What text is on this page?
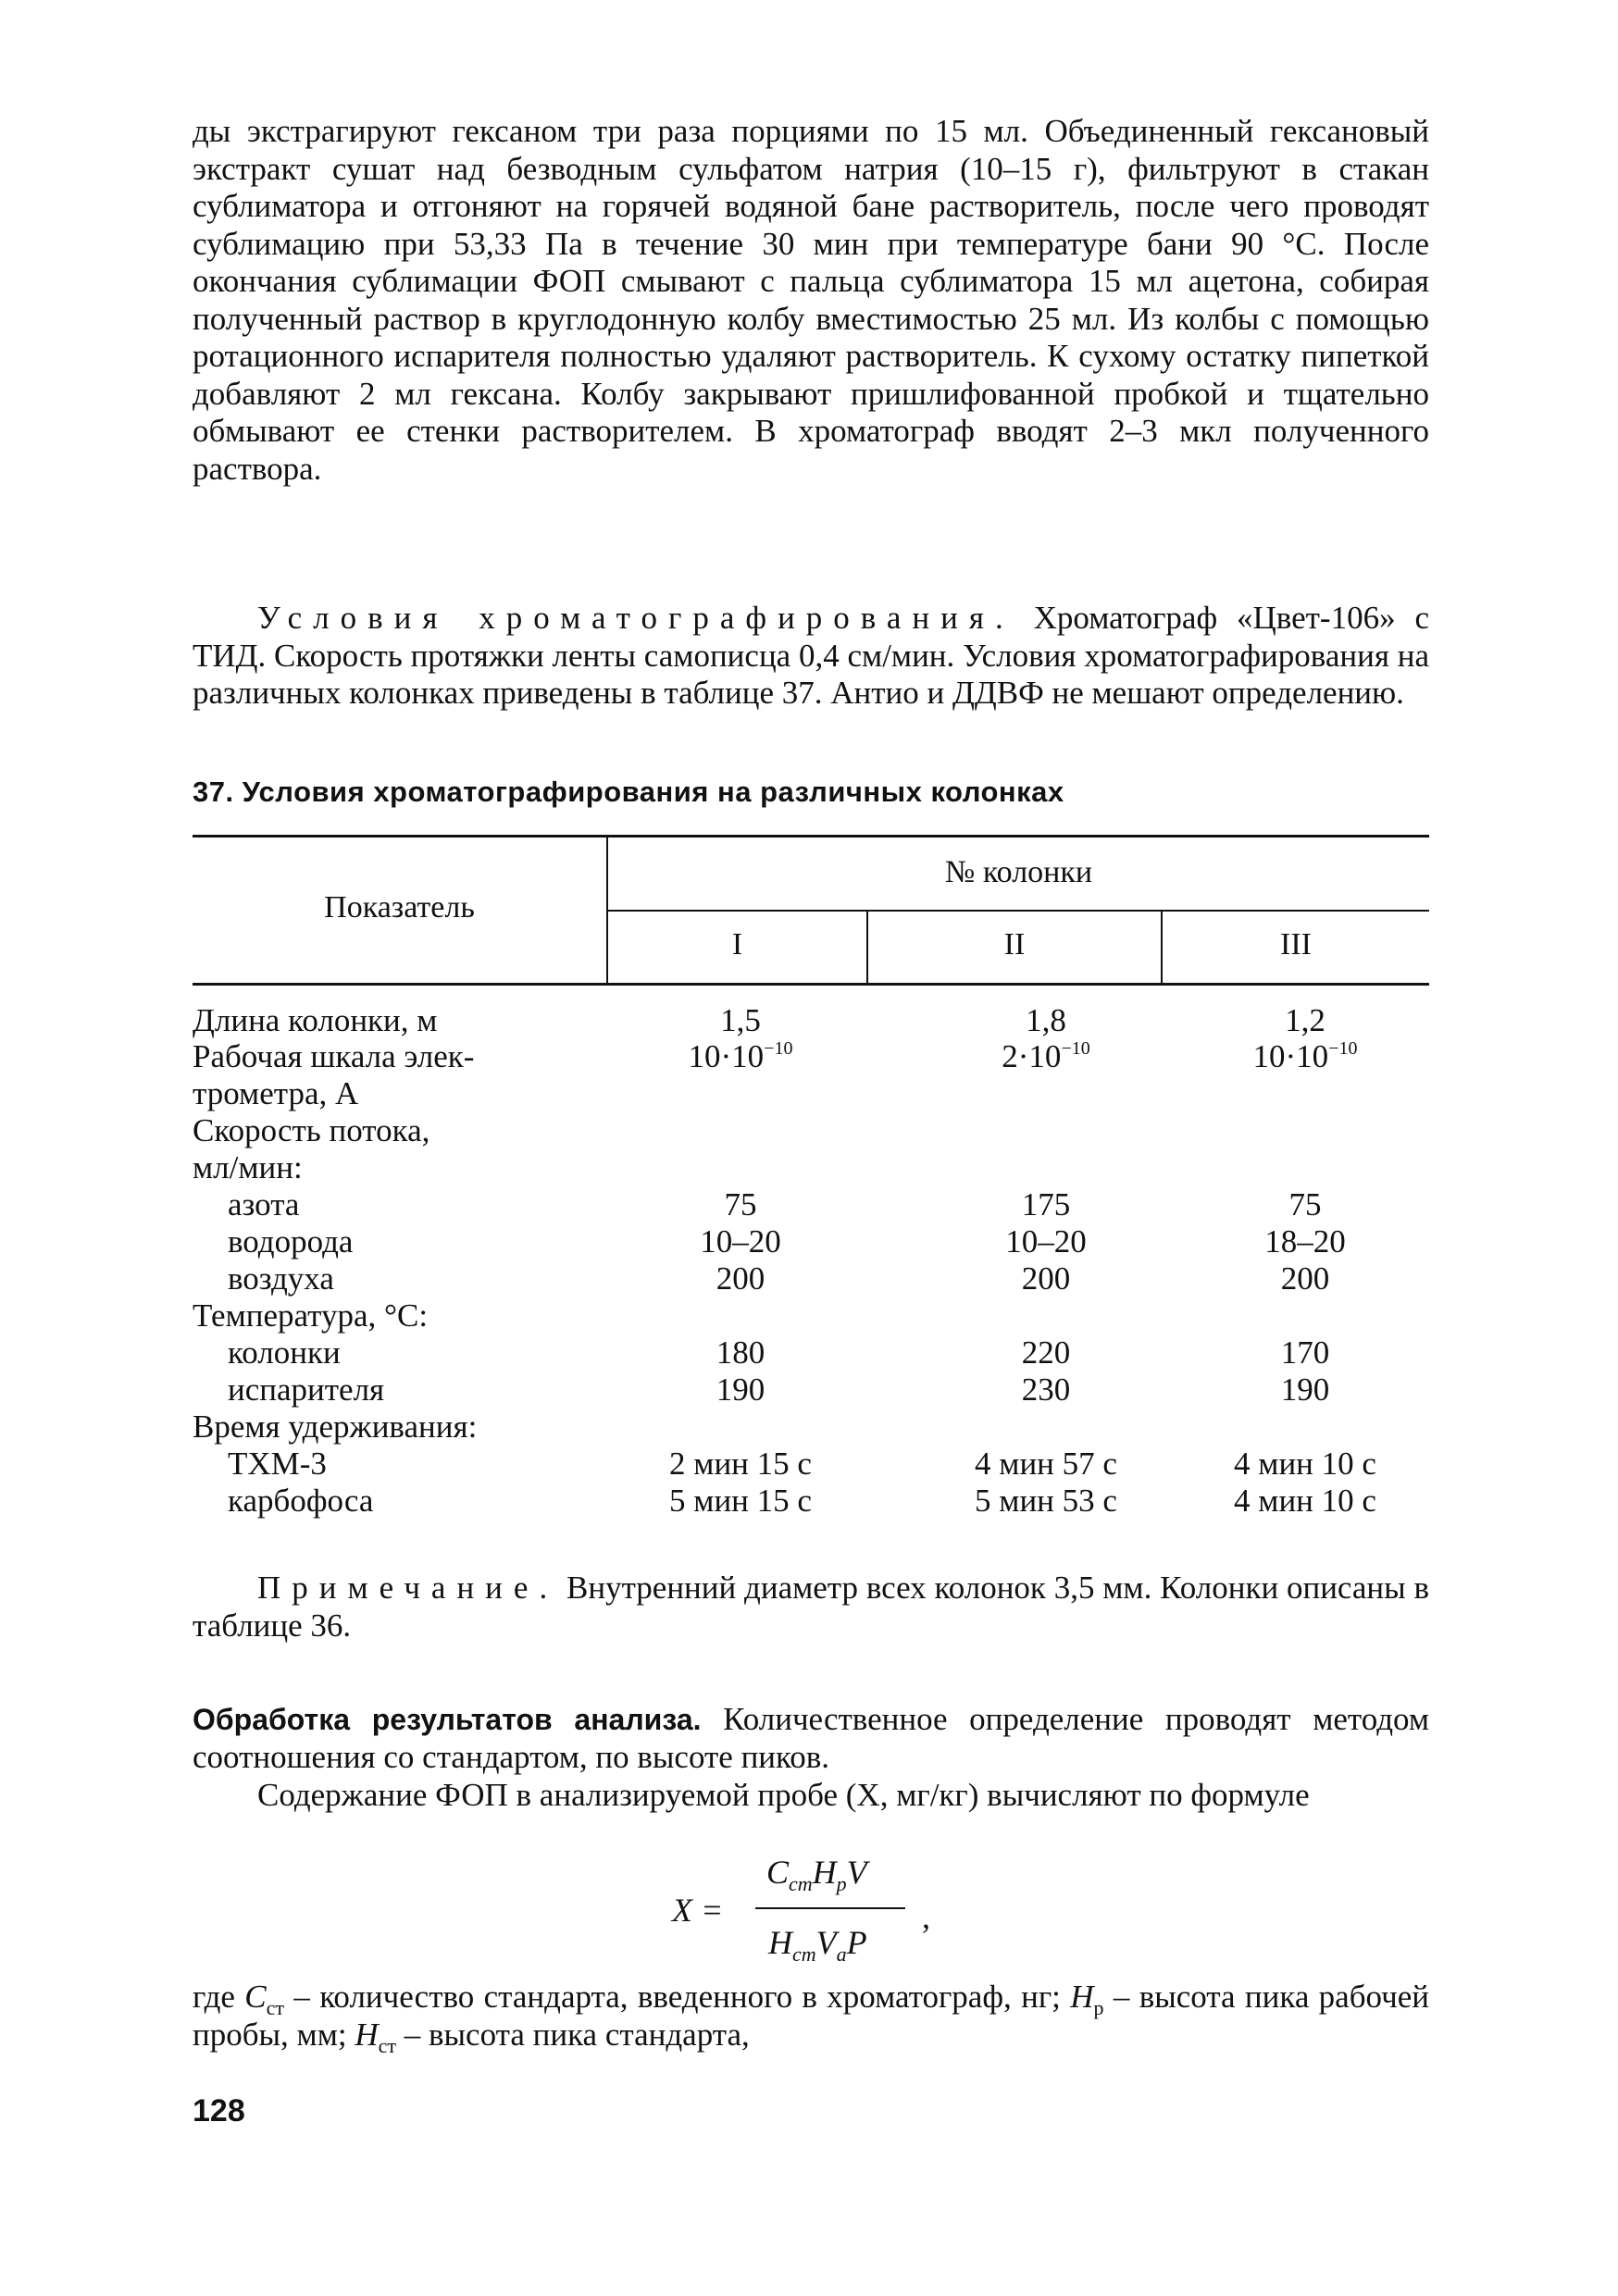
ды экстрагируют гексаном три раза порциями по 15 мл. Объединенный гексановый экстракт сушат над безводным сульфатом натрия (10–15 г), фильтруют в стакан сублиматора и отгоняют на горячей водяной бане растворитель, после чего проводят сублимацию при 53,33 Па в течение 30 мин при температуре бани 90 °С. После окончания сублимации ФОП смывают с пальца сублиматора 15 мл ацетона, собирая полученный раствор в круглодонную колбу вместимостью 25 мл. Из колбы с помощью ротационного испарителя полностью удаляют растворитель. К сухому остатку пипеткой добавляют 2 мл гексана. Колбу закрывают пришлифованной пробкой и тщательно обмывают ее стенки растворителем. В хроматограф вводят 2–3 мкл полученного раствора.

Условия хроматографирования. Хроматограф «Цвет-106» с ТИД. Скорость протяжки ленты самописца 0,4 см/мин. Условия хроматографирования на различных колонках приведены в таблице 37. Антио и ДДВФ не мешают определению.

37. Условия хроматографирования на различных колонках
Показатель
№ колонки
I	II	III
Длина колонки, м	1,5	1,8	1,2
Рабочая шкала элек-	$10\cdot 10^{-10}$	$2\cdot 10^{-10}$	$10\cdot 10^{-10}$
трометра, А
Скорость потока,
мл/мин:
азота	75	175	75
водорода	10–20	10–20	18–20
воздуха	200	200	200
Температура, °С:
колонки	180	220	170
испарителя	190	230	190
Время удерживания:
ТХМ-3	2 мин 15 с	4 мин 57 с	4 мин 10 с
карбофоса	5 мин 15 с	5 мин 53 с	4 мин 10 с

Примечание. Внутренний диаметр всех колонок 3,5 мм. Колонки описаны в таблице 36.

Обработка результатов анализа. Количественное определение проводят методом соотношения со стандартом, по высоте пиков.

Содержание ФОП в анализируемой пробе (X, мг/кг) вычисляют по формуле

X =
$C_{ст}H_рV$
$H_{ст}V_аP$
,

где $C_{ст}$ – количество стандарта, введенного в хроматограф, нг; $H_р$ – высота пика рабочей пробы, мм; $H_{ст}$ – высота пика стандарта,

128
